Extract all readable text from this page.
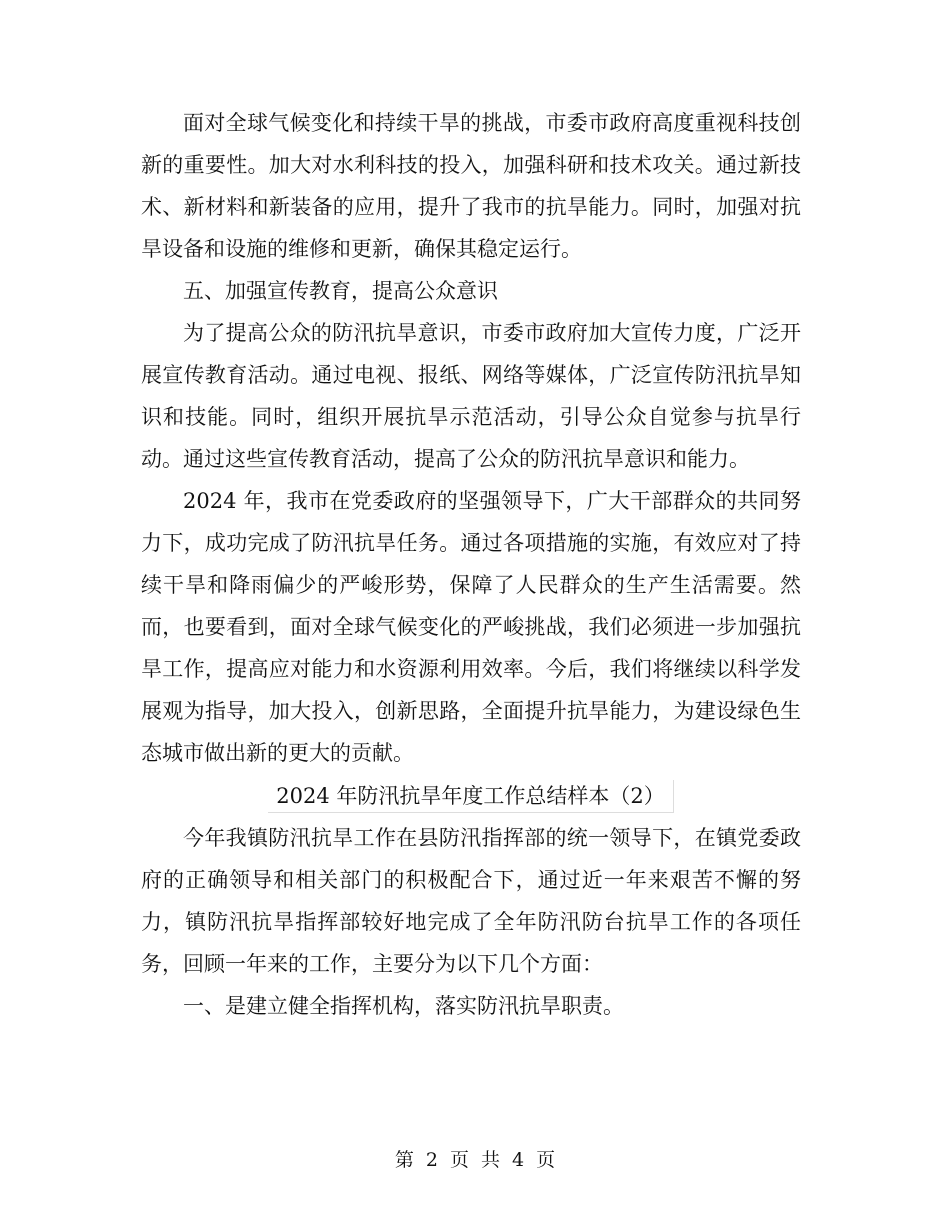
面对全球气候变化和持续干旱的挑战，市委市政府高度重视科技创新的重要性。加大对水利科技的投入，加强科研和技术攻关。通过新技术、新材料和新装备的应用，提升了我市的抗旱能力。同时，加强对抗旱设备和设施的维修和更新，确保其稳定运行。

五、加强宣传教育，提高公众意识

为了提高公众的防汛抗旱意识，市委市政府加大宣传力度，广泛开展宣传教育活动。通过电视、报纸、网络等媒体，广泛宣传防汛抗旱知识和技能。同时，组织开展抗旱示范活动，引导公众自觉参与抗旱行动。通过这些宣传教育活动，提高了公众的防汛抗旱意识和能力。

2024 年，我市在党委政府的坚强领导下，广大干部群众的共同努力下，成功完成了防汛抗旱任务。通过各项措施的实施，有效应对了持续干旱和降雨偏少的严峻形势，保障了人民群众的生产生活需要。然而，也要看到，面对全球气候变化的严峻挑战，我们必须进一步加强抗旱工作，提高应对能力和水资源利用效率。今后，我们将继续以科学发展观为指导，加大投入，创新思路，全面提升抗旱能力，为建设绿色生态城市做出新的更大的贡献。

2024 年防汛抗旱年度工作总结样本（2）

今年我镇防汛抗旱工作在县防汛指挥部的统一领导下，在镇党委政府的正确领导和相关部门的积极配合下，通过近一年来艰苦不懈的努力，镇防汛抗旱指挥部较好地完成了全年防汛防台抗旱工作的各项任务，回顾一年来的工作，主要分为以下几个方面：

一、是建立健全指挥机构，落实防汛抗旱职责。

第 2 页 共 4 页
